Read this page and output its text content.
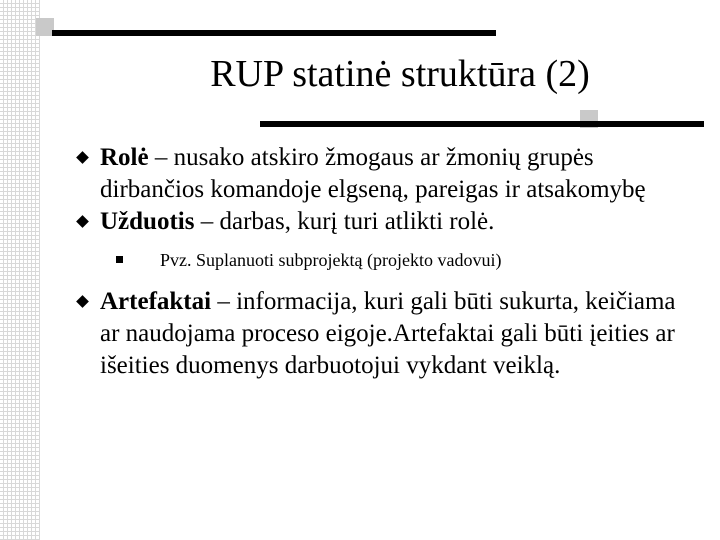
RUP statinė struktūra (2)
Rolė – nusako atskiro žmogaus ar žmonių grupės dirbančios komandoje elgseną, pareigas ir atsakomybę
Užduotis – darbas, kurį turi atlikti rolė.
Pvz. Suplanuoti subprojektą (projekto vadovui)
Artefaktai – informacija, kuri gali būti sukurta, keičiama ar naudojama proceso eigoje.Artefaktai gali būti įeities ar išeities duomenys darbuotojui vykdant veiklą.
